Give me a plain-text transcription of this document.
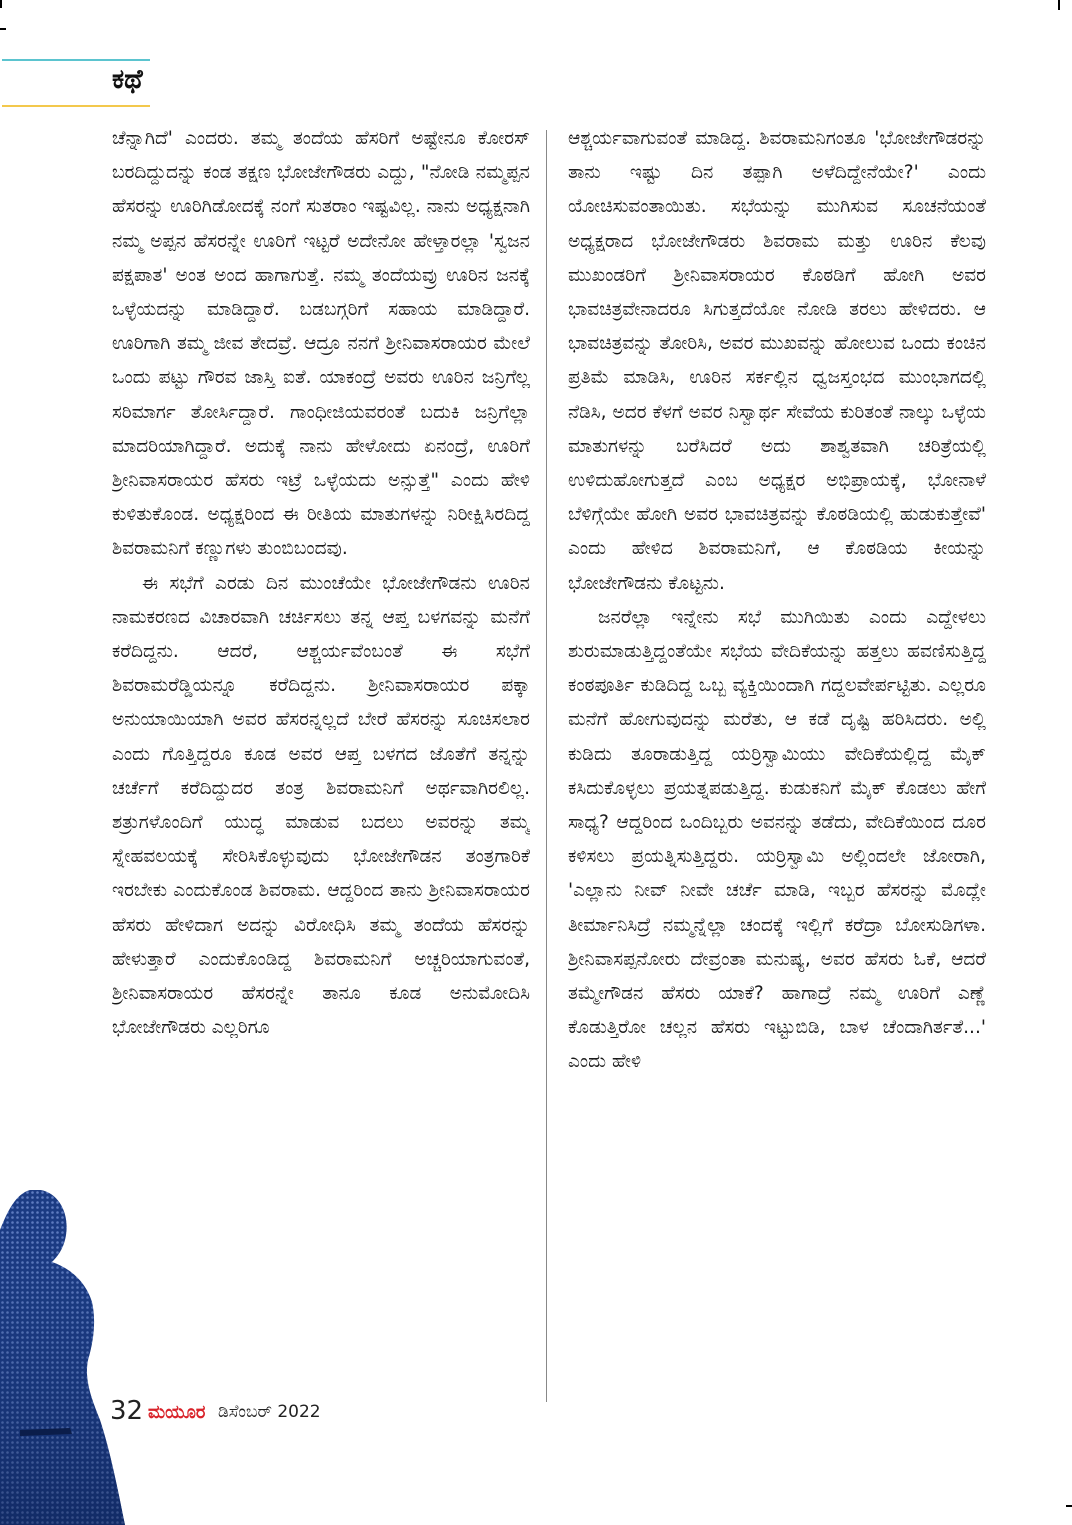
ಕಥೆ

ಚೆನ್ನಾಗಿದೆ' ಎಂದರು. ತಮ್ಮ ತಂದೆಯ ಹೆಸರಿಗೆ ಅಷ್ಟೇನೂ ಕೋರಸ್ ಬರದಿದ್ದುದನ್ನು ಕಂಡ ತಕ್ಷಣ ಭೋಜೇಗೌಡರು ಎದ್ದು, "ನೋಡಿ ನಮ್ಮಪ್ಪನ ಹೆಸರನ್ನು ಊರಿಗಿಡೋದಕ್ಕೆ ನಂಗೆ ಸುತರಾಂ ಇಷ್ಟವಿಲ್ಲ. ನಾನು ಅಧ್ಯಕ್ಷನಾಗಿ ನಮ್ಮ ಅಪ್ಪನ ಹೆಸರನ್ನೇ ಊರಿಗೆ ಇಟ್ಟರೆ ಅದೇನೋ ಹೇಳ್ತಾರಲ್ಲಾ 'ಸ್ವಜನ ಪಕ್ಷಪಾತ' ಅಂತ ಅಂದ ಹಾಗಾಗುತ್ತೆ. ನಮ್ಮ ತಂದೆಯವ್ರು ಊರಿನ ಜನಕ್ಕೆ ಒಳ್ಳೆಯದನ್ನು ಮಾಡಿದ್ದಾರೆ. ಬಡಬಗ್ಗರಿಗೆ ಸಹಾಯ ಮಾಡಿದ್ದಾರೆ. ಊರಿಗಾಗಿ ತಮ್ಮ ಜೀವ ತೇದವ್ರೆ. ಆದ್ರೂ ನನಗೆ ಶ್ರೀನಿವಾಸರಾಯರ ಮೇಲೆ ಒಂದು ಪಟ್ಟು ಗೌರವ ಜಾಸ್ತಿ ಐತೆ. ಯಾಕಂದ್ರೆ ಅವರು ಊರಿನ ಜನ್ರಿಗೆಲ್ಲ ಸರಿಮಾರ್ಗ ತೋರ್ಸಿದ್ದಾರೆ. ಗಾಂಧೀಜಿಯವರಂತೆ ಬದುಕಿ ಜನ್ರಿಗೆಲ್ಲಾ ಮಾದರಿಯಾಗಿದ್ದಾರೆ. ಅದುಕ್ಕೆ ನಾನು ಹೇಳೋದು ಏನಂದ್ರೆ, ಊರಿಗೆ ಶ್ರೀನಿವಾಸರಾಯರ ಹೆಸರು ಇಟ್ರೆ ಒಳ್ಳೆಯದು ಅನ್ಸುತ್ತೆ" ಎಂದು ಹೇಳಿ ಕುಳಿತುಕೊಂಡ. ಅಧ್ಯಕ್ಷರಿಂದ ಈ ರೀತಿಯ ಮಾತುಗಳನ್ನು ನಿರೀಕ್ಷಿಸಿರದಿದ್ದ ಶಿವರಾಮನಿಗೆ ಕಣ್ಣುಗಳು ತುಂಬಿಬಂದವು.

ಈ ಸಭೆಗೆ ಎರಡು ದಿನ ಮುಂಚೆಯೇ ಭೋಜೇಗೌಡನು ಊರಿನ ನಾಮಕರಣದ ವಿಚಾರವಾಗಿ ಚರ್ಚಿಸಲು ತನ್ನ ಆಪ್ತ ಬಳಗವನ್ನು ಮನೆಗೆ ಕರೆದಿದ್ದನು. ಆದರೆ, ಆಶ್ಚರ್ಯವೆಂಬಂತೆ ಈ ಸಭೆಗೆ ಶಿವರಾಮರೆಡ್ಡಿಯನ್ನೂ ಕರೆದಿದ್ದನು. ಶ್ರೀನಿವಾಸರಾಯರ ಪಕ್ಕಾ ಅನುಯಾಯಿಯಾಗಿ ಅವರ ಹೆಸರನ್ನಲ್ಲದೆ ಬೇರೆ ಹೆಸರನ್ನು ಸೂಚಿಸಲಾರ ಎಂದು ಗೊತ್ತಿದ್ದರೂ ಕೂಡ ಅವರ ಆಪ್ತ ಬಳಗದ ಜೊತೆಗೆ ತನ್ನನ್ನು ಚರ್ಚೆಗೆ ಕರೆದಿದ್ದುದರ ತಂತ್ರ ಶಿವರಾಮನಿಗೆ ಅರ್ಥವಾಗಿರಲಿಲ್ಲ. ಶತ್ರುಗಳೊಂದಿಗೆ ಯುದ್ಧ ಮಾಡುವ ಬದಲು ಅವರನ್ನು ತಮ್ಮ ಸ್ನೇಹವಲಯಕ್ಕೆ ಸೇರಿಸಿಕೊಳ್ಳುವುದು ಭೋಜೇಗೌಡನ ತಂತ್ರಗಾರಿಕೆ ಇರಬೇಕು ಎಂದುಕೊಂಡ ಶಿವರಾಮ. ಆದ್ದರಿಂದ ತಾನು ಶ್ರೀನಿವಾಸರಾಯರ ಹೆಸರು ಹೇಳಿದಾಗ ಅದನ್ನು ವಿರೋಧಿಸಿ ತಮ್ಮ ತಂದೆಯ ಹೆಸರನ್ನು ಹೇಳುತ್ತಾರೆ ಎಂದುಕೊಂಡಿದ್ದ ಶಿವರಾಮನಿಗೆ ಅಚ್ಚರಿಯಾಗುವಂತೆ, ಶ್ರೀನಿವಾಸರಾಯರ ಹೆಸರನ್ನೇ ತಾನೂ ಕೂಡ ಅನುಮೋದಿಸಿ ಭೋಜೇಗೌಡರು ಎಲ್ಲರಿಗೂ

ಆಶ್ಚರ್ಯವಾಗುವಂತೆ ಮಾಡಿದ್ದ. ಶಿವರಾಮನಿಗಂತೂ 'ಭೋಜೇಗೌಡರನ್ನು ತಾನು ಇಷ್ಟು ದಿನ ತಪ್ಪಾಗಿ ಅಳೆದಿದ್ದೇನೆಯೇ?' ಎಂದು ಯೋಚಿಸುವಂತಾಯಿತು. ಸಭೆಯನ್ನು ಮುಗಿಸುವ ಸೂಚನೆಯಂತೆ ಅಧ್ಯಕ್ಷರಾದ ಭೋಜೇಗೌಡರು ಶಿವರಾಮ ಮತ್ತು ಊರಿನ ಕೆಲವು ಮುಖಂಡರಿಗೆ ಶ್ರೀನಿವಾಸರಾಯರ ಕೊಠಡಿಗೆ ಹೋಗಿ ಅವರ ಭಾವಚಿತ್ರವೇನಾದರೂ ಸಿಗುತ್ತದೆಯೋ ನೋಡಿ ತರಲು ಹೇಳಿದರು. ಆ ಭಾವಚಿತ್ರವನ್ನು ತೋರಿಸಿ, ಅವರ ಮುಖವನ್ನು ಹೋಲುವ ಒಂದು ಕಂಚಿನ ಪ್ರತಿಮೆ ಮಾಡಿಸಿ, ಊರಿನ ಸರ್ಕಲ್ಲಿನ ಧ್ವಜಸ್ತಂಭದ ಮುಂಭಾಗದಲ್ಲಿ ನೆಡಿಸಿ, ಅದರ ಕೆಳಗೆ ಅವರ ನಿಸ್ವಾರ್ಥ ಸೇವೆಯ ಕುರಿತಂತೆ ನಾಲ್ಕು ಒಳ್ಳೆಯ ಮಾತುಗಳನ್ನು ಬರೆಸಿದರೆ ಅದು ಶಾಶ್ವತವಾಗಿ ಚರಿತ್ರೆಯಲ್ಲಿ ಉಳಿದುಹೋಗುತ್ತದೆ ಎಂಬ ಅಧ್ಯಕ್ಷರ ಅಭಿಪ್ರಾಯಕ್ಕೆ, ಭೋನಾಳೆ ಬೆಳಿಗ್ಗೆಯೇ ಹೋಗಿ ಅವರ ಭಾವಚಿತ್ರವನ್ನು ಕೊಠಡಿಯಲ್ಲಿ ಹುಡುಕುತ್ತೇವೆ' ಎಂದು ಹೇಳಿದ ಶಿವರಾಮನಿಗೆ, ಆ ಕೊಠಡಿಯ ಕೀಯನ್ನು ಭೋಜೇಗೌಡನು ಕೊಟ್ಟನು.

ಜನರೆಲ್ಲಾ ಇನ್ನೇನು ಸಭೆ ಮುಗಿಯಿತು ಎಂದು ಎದ್ದೇಳಲು ಶುರುಮಾಡುತ್ತಿದ್ದಂತೆಯೇ ಸಭೆಯ ವೇದಿಕೆಯನ್ನು ಹತ್ತಲು ಹವಣಿಸುತ್ತಿದ್ದ ಕಂಠಪೂರ್ತಿ ಕುಡಿದಿದ್ದ ಒಬ್ಬ ವ್ಯಕ್ತಿಯಿಂದಾಗಿ ಗದ್ದಲವೇರ್ಪಟ್ಟಿತು. ಎಲ್ಲರೂ ಮನೆಗೆ ಹೋಗುವುದನ್ನು ಮರೆತು, ಆ ಕಡೆ ದೃಷ್ಟಿ ಹರಿಸಿದರು. ಅಲ್ಲಿ ಕುಡಿದು ತೂರಾಡುತ್ತಿದ್ದ ಯರ್ರಿಸ್ವಾಮಿಯು ವೇದಿಕೆಯಲ್ಲಿದ್ದ ಮೈಕ್ ಕಸಿದುಕೊಳ್ಳಲು ಪ್ರಯತ್ನಪಡುತ್ತಿದ್ದ. ಕುಡುಕನಿಗೆ ಮೈಕ್ ಕೊಡಲು ಹೇಗೆ ಸಾಧ್ಯ? ಆದ್ದರಿಂದ ಒಂದಿಬ್ಬರು ಅವನನ್ನು ತಡೆದು, ವೇದಿಕೆಯಿಂದ ದೂರ ಕಳಿಸಲು ಪ್ರಯತ್ನಿಸುತ್ತಿದ್ದರು. ಯರ್ರಿಸ್ವಾಮಿ ಅಲ್ಲಿಂದಲೇ ಜೋರಾಗಿ, 'ಎಲ್ಲಾನು ನೀವ್ ನೀವೇ ಚರ್ಚೆ ಮಾಡಿ, ಇಬ್ಬರ ಹೆಸರನ್ನು ಮೊದ್ಲೇ ತೀರ್ಮಾನಿಸಿದ್ರೆ ನಮ್ಮನ್ನೆಲ್ಲಾ ಚಂದಕ್ಕೆ ಇಲ್ಲಿಗೆ ಕರೆದ್ರಾ ಬೋಸುಡಿಗಳಾ. ಶ್ರೀನಿವಾಸಪ್ಪನೋರು ದೇವ್ರಂತಾ ಮನುಷ್ಯ, ಅವರ ಹೆಸರು ಓಕೆ, ಆದರೆ ತಮ್ಮೇಗೌಡನ ಹೆಸರು ಯಾಕೆ? ಹಾಗಾದ್ರೆ ನಮ್ಮ ಊರಿಗೆ ಎಣ್ಣೆ ಕೊಡುತ್ತಿರೋ ಚಲ್ಲನ ಹೆಸರು ಇಟ್ಟುಬಿಡಿ, ಬಾಳ ಚೆಂದಾಗಿರ್ತತೆ...' ಎಂದು ಹೇಳಿ

32 ಮಯೂರ ಡಿಸೆಂಬರ್ 2022
